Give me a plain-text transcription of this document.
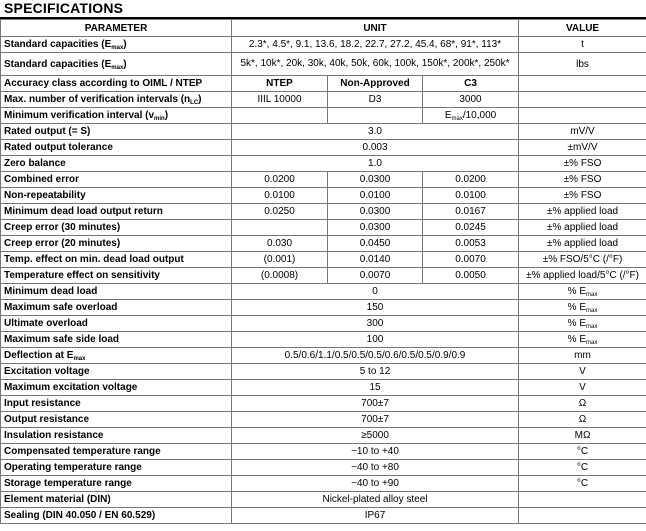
SPECIFICATIONS
PARAMETER	UNIT			VALUE
Standard capacities $(E_{max})$	2.3*, 4.5*, 9.1, 13.6, 18.2, 22.7, 27.2, 45.4, 68*, 91*, 113*			t
Standard capacities $(E_{max})$	5k*, 10k*, 20k, 30k, 40k, 50k, 60k, 100k, 150k*, 200k*, 250k*			lbs
Accuracy class according to OIML / NTEP	NTEP	Non-Approved	C3	
Max. number of verification intervals $(n_{LC})$	IIIL 10000	D3	3000	
Minimum verification interval $(v_{min})$			$E_{max}/10,000$	
Rated output (= S)	3.0			mV/V
Rated output tolerance	0.003			±mV/V
Zero balance	1.0			±% FSO
Combined error	0.0200	0.0300	0.0200	±% FSO
Non-repeatability	0.0100	0.0100	0.0100	±% FSO
Minimum dead load output return	0.0250	0.0300	0.0167	±% applied load
Creep error (30 minutes)		0.0300	0.0245	±% applied load
Creep error (20 minutes)	0.030	0.0450	0.0053	±% applied load
Temp. effect on min. dead load output	(0.001)	0.0140	0.0070	±% FSO/5°C (/°F)
Temperature effect on sensitivity	(0.0008)	0.0070	0.0050	±% applied load/5°C (/°F)
Minimum dead load	0			% $E_{max}$
Maximum safe overload	150			% $E_{max}$
Ultimate overload	300			% $E_{max}$
Maximum safe side load	100			% $E_{max}$
Deflection at $E_{max}$	0.5/0.6/1.1/0.5/0.5/0.5/0.6/0.5/0.5/0.9/0.9			mm
Excitation voltage	5 to 12			V
Maximum excitation voltage	15			V
Input resistance	700±7			Ω
Output resistance	700±7			Ω
Insulation resistance	≥5000			MΩ
Compensated temperature range	−10 to +40			°C
Operating temperature range	−40 to +80			°C
Storage temperature range	−40 to +90			°C
Element material (DIN)	Nickel-plated alloy steel			
Sealing (DIN 40.050 / EN 60.529)	IP67			
